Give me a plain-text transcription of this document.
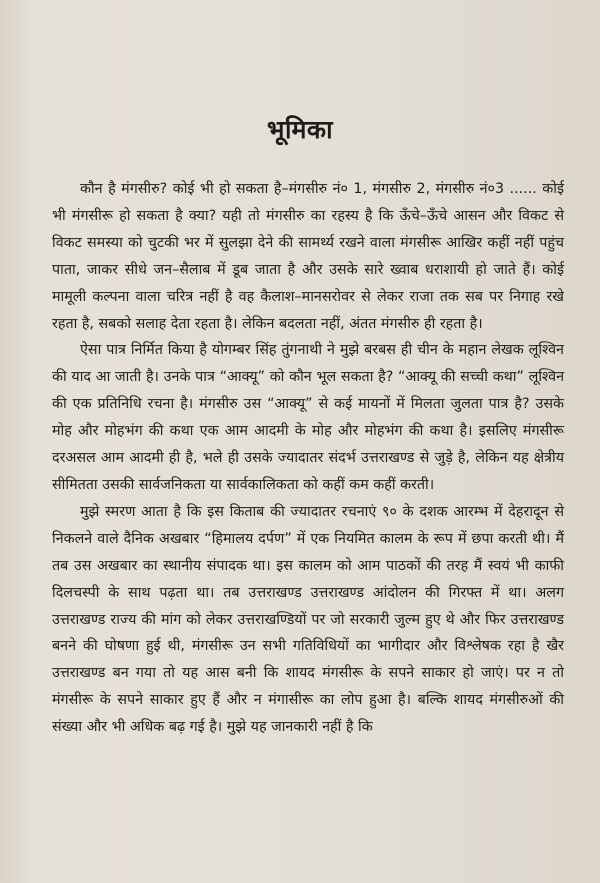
भूमिका

कौन है मंगसीरु? कोई भी हो सकता है–मंगसीरु नं० 1, मंगसीरु 2, मंगसीरु नं०3 ...... कोई भी मंगसीरू हो सकता है क्या? यही तो मंगसीरु का रहस्य है कि ऊँचे–ऊँचे आसन और विकट से विकट समस्या को चुटकी भर में सुलझा देने की सामर्थ्य रखने वाला मंगसीरू आखिर कहीं नहीं पहुंच पाता, जाकर सीधे जन–सैलाब में डूब जाता है और उसके सारे ख्वाब धराशायी हो जाते हैं। कोई मामूली कल्पना वाला चरित्र नहीं है वह कैलाश–मानसरोवर से लेकर राजा तक सब पर निगाह रखे रहता है, सबको सलाह देता रहता है। लेकिन बदलता नहीं, अंतत मंगसीरु ही रहता है।

ऐसा पात्र निर्मित किया है योगम्बर सिंह तुंगनाथी ने मुझे बरबस ही चीन के महान लेखक लूश्विन की याद आ जाती है। उनके पात्र “आक्यू” को कौन भूल सकता है? “आक्यू की सच्ची कथा” लूश्विन की एक प्रतिनिधि रचना है। मंगसीरु उस “आक्यू” से कई मायनों में मिलता जुलता पात्र है? उसके मोह और मोहभंग की कथा एक आम आदमी के मोह और मोहभंग की कथा है। इसलिए मंगसीरू दरअसल आम आदमी ही है, भले ही उसके ज्यादातर संदर्भ उत्तराखण्ड से जुड़े है, लेकिन यह क्षेत्रीय सीमितता उसकी सार्वजनिकता या सार्वकालिकता को कहीं कम कहीं करती।

मुझे स्मरण आता है कि इस किताब की ज्यादातर रचनाएं ९० के दशक आरम्भ में देहरादून से निकलने वाले दैनिक अखबार “हिमालय दर्पण” में एक नियमित कालम के रूप में छपा करती थी। मैं तब उस अखबार का स्थानीय संपादक था। इस कालम को आम पाठकों की तरह मैं स्वयं भी काफी दिलचस्पी के साथ पढ़ता था। तब उत्तराखण्ड उत्तराखण्ड आंदोलन की गिरफ्त में था। अलग उत्तराखण्ड राज्य की मांग को लेकर उत्तराखण्डियों पर जो सरकारी जुल्म हुए थे और फिर उत्तराखण्ड बनने की घोषणा हुई थी, मंगसीरू उन सभी गतिविधियों का भागीदार और विश्लेषक रहा है खैर उत्तराखण्ड बन गया तो यह आस बनी कि शायद मंगसीरू के सपने साकार हो जाएं। पर न तो मंगसीरू के सपने साकार हुए हैं और न मंगासीरू का लोप हुआ है। बल्कि शायद मंगसीरुओं की संख्या और भी अधिक बढ़ गई है। मुझे यह जानकारी नहीं है कि
